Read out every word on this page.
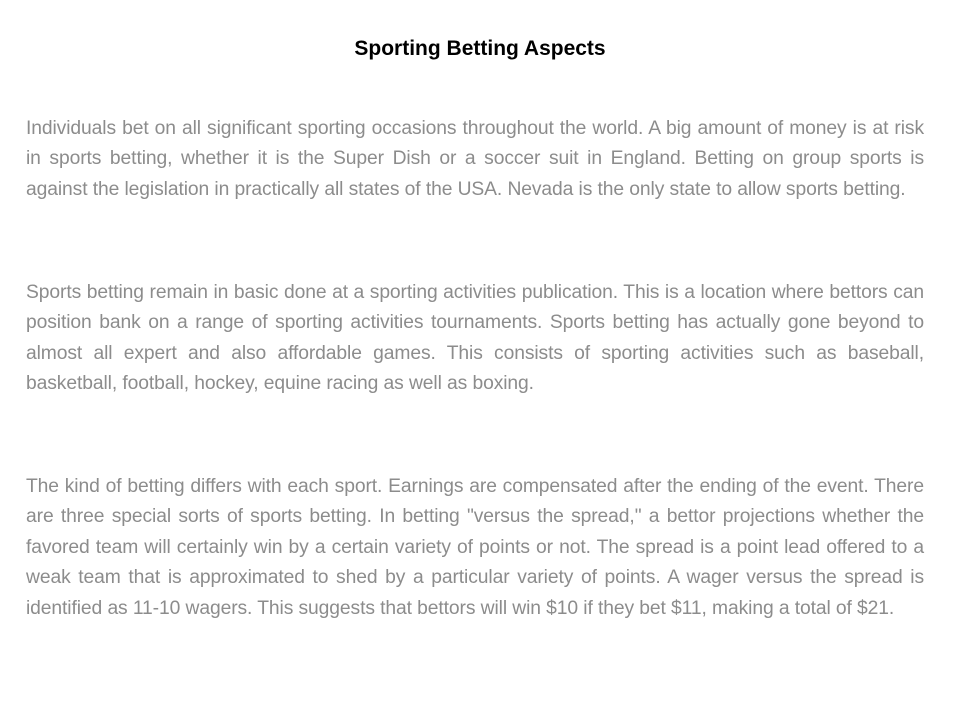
Sporting Betting Aspects

Individuals bet on all significant sporting occasions throughout the world. A big amount of money is at risk in sports betting, whether it is the Super Dish or a soccer suit in England. Betting on group sports is against the legislation in practically all states of the USA. Nevada is the only state to allow sports betting.

Sports betting remain in basic done at a sporting activities publication. This is a location where bettors can position bank on a range of sporting activities tournaments. Sports betting has actually gone beyond to almost all expert and also affordable games. This consists of sporting activities such as baseball, basketball, football, hockey, equine racing as well as boxing.

The kind of betting differs with each sport. Earnings are compensated after the ending of the event. There are three special sorts of sports betting. In betting "versus the spread," a bettor projections whether the favored team will certainly win by a certain variety of points or not. The spread is a point lead offered to a weak team that is approximated to shed by a particular variety of points. A wager versus the spread is identified as 11-10 wagers. This suggests that bettors will win $10 if they bet $11, making a total of $21.
